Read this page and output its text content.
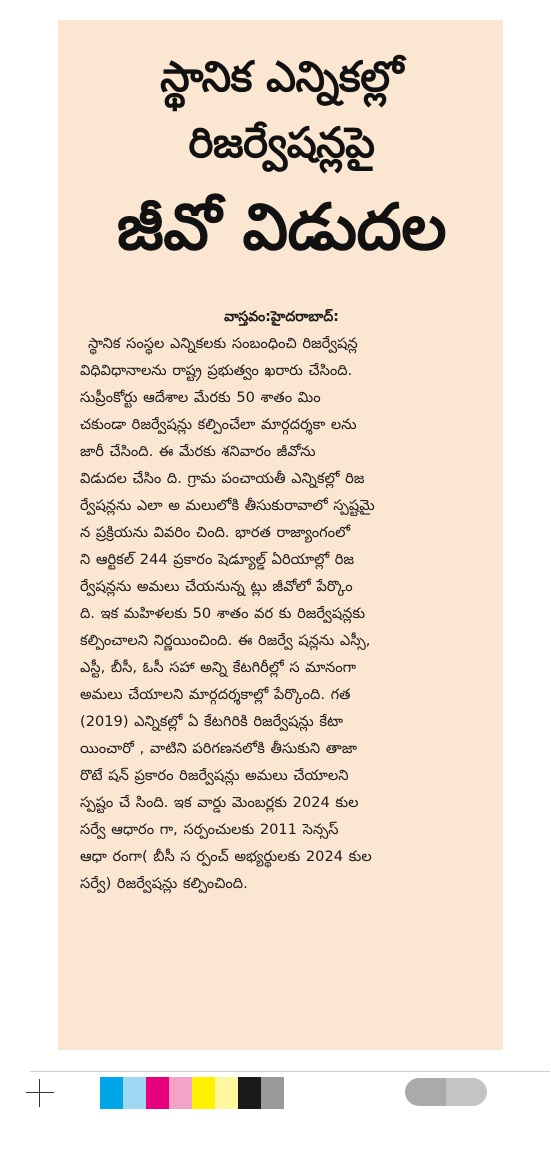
స్థానిక ఎన్నికల్లో
రిజర్వేషన్లపై
జీవో విడుదల
వాస్తవం:హైదరాబాద్:
స్థానిక సంస్థల ఎన్నికలకు సంబంధించి రిజర్వేషన్ల
విధివిధానాలను రాష్ట్ర ప్రభుత్వం ఖరారు చేసింది.
సుప్రీంకోర్టు ఆదేశాల మేరకు 50 శాతం మిం
చకుండా రిజర్వేషన్లు కల్పించేలా మార్గదర్శకా లను
జారీ చేసింది. ఈ మేరకు శనివారం జీవోను
విడుదల చేసిం ది. గ్రామ పంచాయతీ ఎన్నికల్లో రిజ
ర్వేషన్లను ఎలా అ మలులోకి తీసుకురావాలో స్పష్టమై
న ప్రక్రియను వివరిం చింది. భారత రాజ్యాంగంలో
ని ఆర్టికల్ 244 ప్రకారం షెడ్యూల్డ్ ఏరియాల్లో రిజ
ర్వేషన్లను అమలు చేయనున్న ట్లు జీవోలో పేర్కొం
ది. ఇక మహిళలకు 50 శాతం వర కు రిజర్వేషన్లకు
కల్పించాలని నిర్ణయించింది. ఈ రిజర్వే షన్లను ఎస్సీ,
ఎస్టీ, బీసీ, ఓసీ సహా అన్ని కేటగిరీల్లో స మానంగా
అమలు చేయాలని మార్గదర్శకాల్లో పేర్కొంది. గత
(2019) ఎన్నికల్లో ఏ కేటగిరికి రిజర్వేషన్లు కేటా
యించారో , వాటిని పరిగణనలోకి తీసుకుని తాజా
రొటే షన్ ప్రకారం రిజర్వేషన్లు అమలు చేయాలని
స్పష్టం చే సింది. ఇక వార్డు మెంబర్లకు 2024 కుల
సర్వే ఆధారం గా, సర్పంచులకు 2011 సెన్సస్
ఆధా రంగా( బీసీ స ర్పంచ్ అభ్యర్థులకు 2024 కుల
సర్వే) రిజర్వేషన్లు కల్పించింది.
